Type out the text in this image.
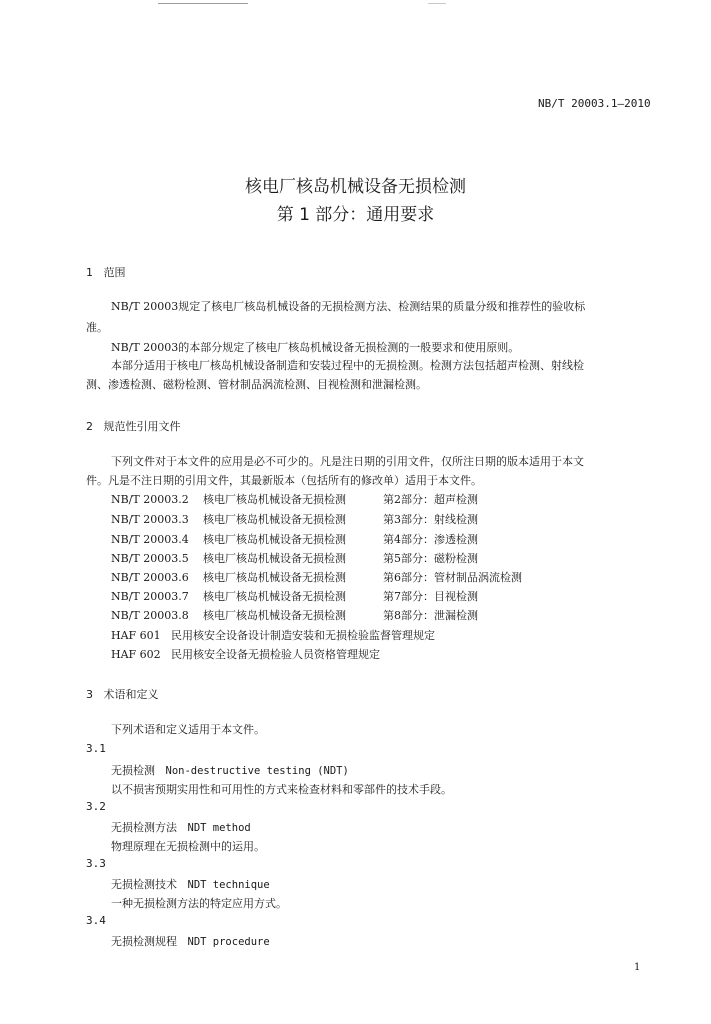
NB/T 20003.1—2010
核电厂核岛机械设备无损检测
第 1 部分：通用要求
1 范围
NB/T 20003规定了核电厂核岛机械设备的无损检测方法、检测结果的质量分级和推荐性的验收标
准。
NB/T 20003的本部分规定了核电厂核岛机械设备无损检测的一般要求和使用原则。
本部分适用于核电厂核岛机械设备制造和安装过程中的无损检测。检测方法包括超声检测、射线检
测、渗透检测、磁粉检测、管材制品涡流检测、目视检测和泄漏检测。
2 规范性引用文件
下列文件对于本文件的应用是必不可少的。凡是注日期的引用文件，仅所注日期的版本适用于本文
件。凡是不注日期的引用文件，其最新版本（包括所有的修改单）适用于本文件。
NB/T 20003.2 核电厂核岛机械设备无损检测	第2部分：超声检测
NB/T 20003.3 核电厂核岛机械设备无损检测	第3部分：射线检测
NB/T 20003.4 核电厂核岛机械设备无损检测	第4部分：渗透检测
NB/T 20003.5 核电厂核岛机械设备无损检测	第5部分：磁粉检测
NB/T 20003.6 核电厂核岛机械设备无损检测	第6部分：管材制品涡流检测
NB/T 20003.7 核电厂核岛机械设备无损检测	第7部分：目视检测
NB/T 20003.8 核电厂核岛机械设备无损检测	第8部分：泄漏检测
HAF 601 民用核安全设备设计制造安装和无损检验监督管理规定
HAF 602 民用核安全设备无损检验人员资格管理规定
3 术语和定义
下列术语和定义适用于本文件。
3.1
无损检测 Non-destructive testing (NDT)
以不损害预期实用性和可用性的方式来检查材料和零部件的技术手段。
3.2
无损检测方法 NDT method
物理原理在无损检测中的运用。
3.3
无损检测技术 NDT technique
一种无损检测方法的特定应用方式。
3.4
无损检测规程 NDT procedure
1
